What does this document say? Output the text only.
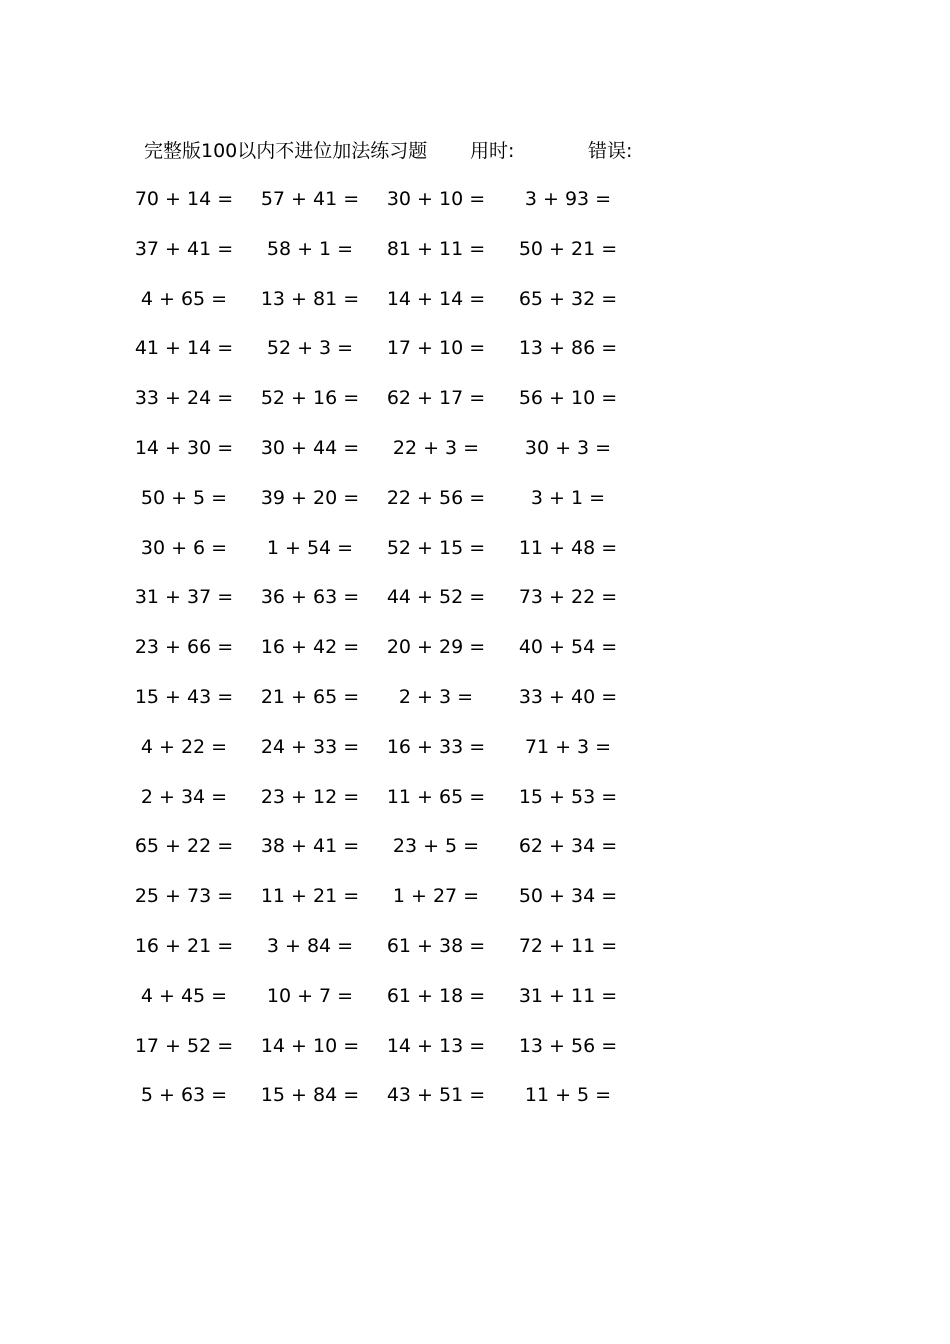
完整版100以内不进位加法练习题 用时:	错误:
70 + 14 =	57 + 41 =	30 + 10 =	3 + 93 =
37 + 41 =	58 + 1 =	81 + 11 =	50 + 21 =
4 + 65 =	13 + 81 =	14 + 14 =	65 + 32 =
41 + 14 =	52 + 3 =	17 + 10 =	13 + 86 =
33 + 24 =	52 + 16 =	62 + 17 =	56 + 10 =
14 + 30 =	30 + 44 =	22 + 3 =	30 + 3 =
50 + 5 =	39 + 20 =	22 + 56 =	3 + 1 =
30 + 6 =	1 + 54 =	52 + 15 =	11 + 48 =
31 + 37 =	36 + 63 =	44 + 52 =	73 + 22 =
23 + 66 =	16 + 42 =	20 + 29 =	40 + 54 =
15 + 43 =	21 + 65 =	2 + 3 =	33 + 40 =
4 + 22 =	24 + 33 =	16 + 33 =	71 + 3 =
2 + 34 =	23 + 12 =	11 + 65 =	15 + 53 =
65 + 22 =	38 + 41 =	23 + 5 =	62 + 34 =
25 + 73 =	11 + 21 =	1 + 27 =	50 + 34 =
16 + 21 =	3 + 84 =	61 + 38 =	72 + 11 =
4 + 45 =	10 + 7 =	61 + 18 =	31 + 11 =
17 + 52 =	14 + 10 =	14 + 13 =	13 + 56 =
5 + 63 =	15 + 84 =	43 + 51 =	11 + 5 =
